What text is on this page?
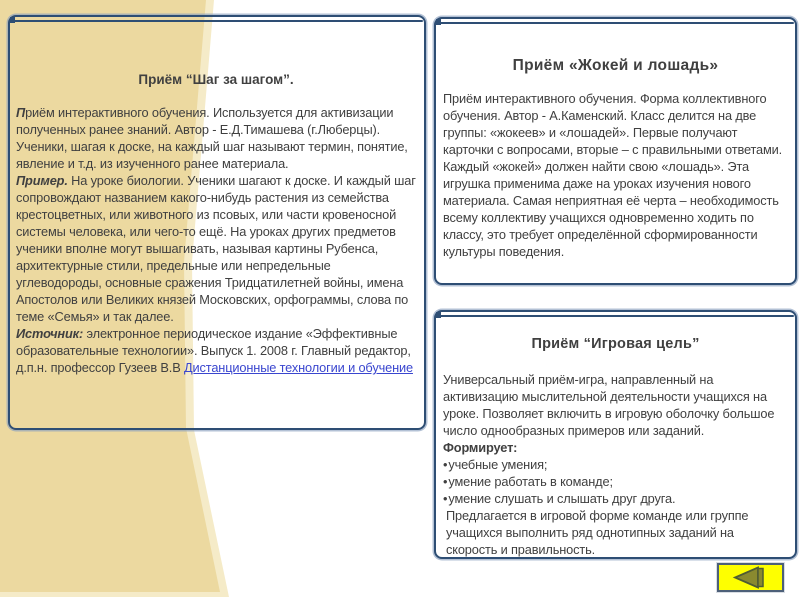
Приём “Шаг за шагом”.

Приём интерактивного обучения. Используется для активизации полученных ранее знаний. Автор - Е.Д.Тимашева (г.Люберцы). Ученики, шагая к доске, на каждый шаг называют термин, понятие, явление и т.д. из изученного ранее материала.

Пример. На уроке биологии. Ученики шагают к доске. И каждый шаг сопровождают названием какого-нибудь растения из семейства крестоцветных, или животного из псовых, или части кровеносной системы человека, или чего-то ещё. На уроках других предметов ученики вполне могут вышагивать, называя картины Рубенса, архитектурные стили, предельные или непредельные углеводороды, основные сражения Тридцатилетней войны, имена Апостолов или Великих князей Московских, орфограммы, слова по теме «Семья» и так далее.

Источник: электронное периодическое издание «Эффективные образовательные технологии». Выпуск 1. 2008 г. Главный редактор, д.п.н. профессор Гузеев В.В Дистанционные технологии и обучение

Приём «Жокей и лошадь»

Приём интерактивного обучения. Форма коллективного обучения. Автор - А.Каменский. Класс делится на две группы: «жокеев» и «лошадей». Первые получают карточки с вопросами, вторые – с правильными ответами. Каждый «жокей» должен найти свою «лошадь». Эта игрушка применима даже на уроках изучения нового материала. Самая неприятная её черта – необходимость всему коллективу учащихся одновременно ходить по классу, это требует определённой сформированности культуры поведения.

Приём “Игровая цель”

Универсальный приём-игра, направленный на активизацию мыслительной деятельности учащихся на уроке. Позволяет включить в игровую оболочку большое число однообразных примеров или заданий.

Формирует:

• учебные умения;
• умение работать в команде;
• умение слушать и слышать друг друга.

Предлагается в игровой форме команде или группе учащихся выполнить ряд однотипных заданий на скорость и правильность.
